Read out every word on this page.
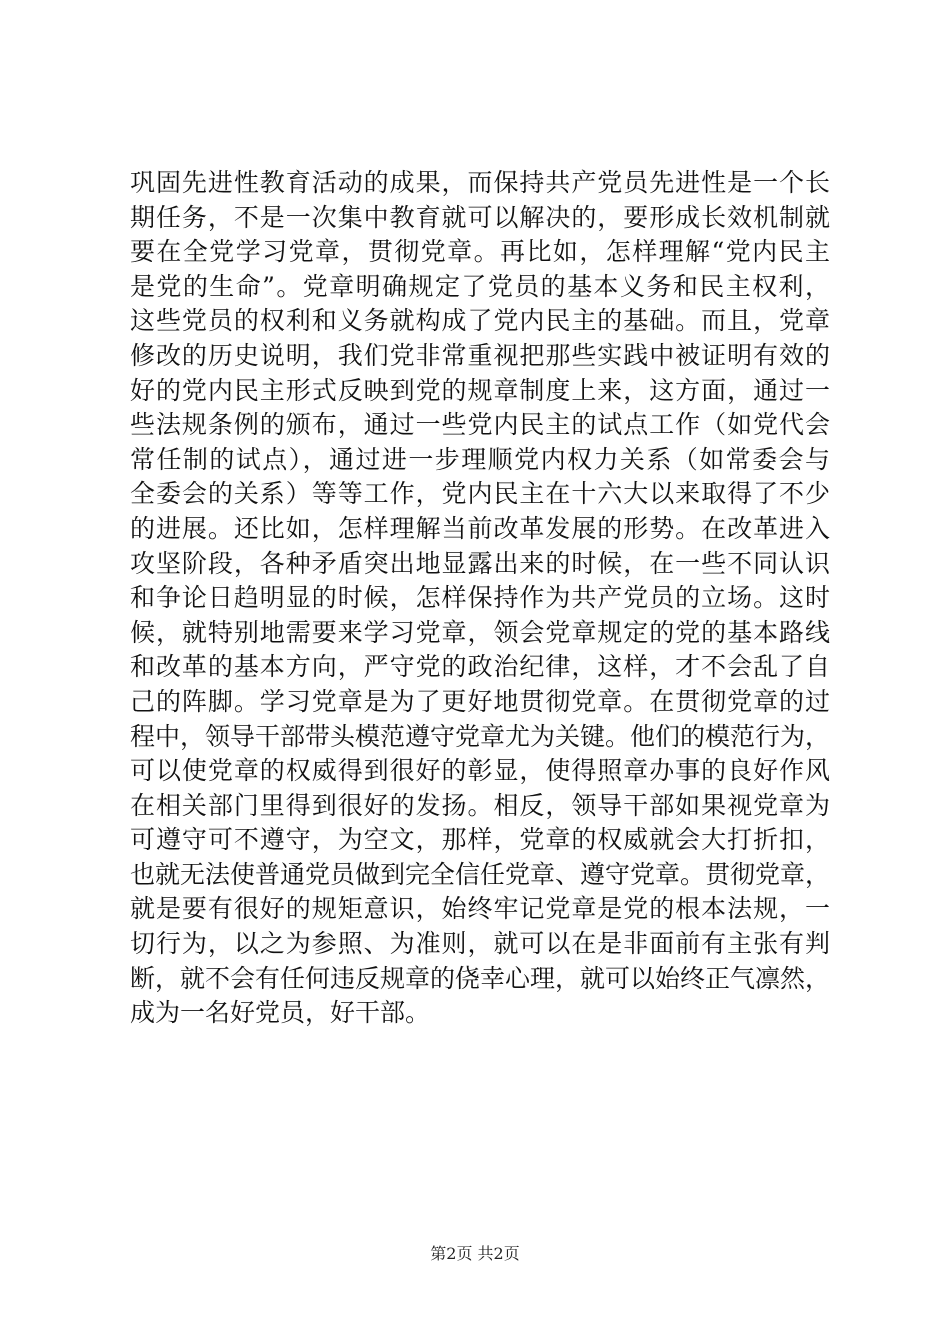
巩固先进性教育活动的成果，而保持共产党员先进性是一个长
期任务，不是一次集中教育就可以解决的，要形成长效机制就
要在全党学习党章，贯彻党章。再比如，怎样理解“党内民主
是党的生命”。党章明确规定了党员的基本义务和民主权利，
这些党员的权利和义务就构成了党内民主的基础。而且，党章
修改的历史说明，我们党非常重视把那些实践中被证明有效的
好的党内民主形式反映到党的规章制度上来，这方面，通过一
些法规条例的颁布，通过一些党内民主的试点工作（如党代会
常任制的试点），通过进一步理顺党内权力关系（如常委会与
全委会的关系）等等工作，党内民主在十六大以来取得了不少
的进展。还比如，怎样理解当前改革发展的形势。在改革进入
攻坚阶段，各种矛盾突出地显露出来的时候，在一些不同认识
和争论日趋明显的时候，怎样保持作为共产党员的立场。这时
候，就特别地需要来学习党章，领会党章规定的党的基本路线
和改革的基本方向，严守党的政治纪律，这样，才不会乱了自
己的阵脚。学习党章是为了更好地贯彻党章。在贯彻党章的过
程中，领导干部带头模范遵守党章尤为关键。他们的模范行为，
可以使党章的权威得到很好的彰显，使得照章办事的良好作风
在相关部门里得到很好的发扬。相反，领导干部如果视党章为
可遵守可不遵守，为空文，那样，党章的权威就会大打折扣，
也就无法使普通党员做到完全信任党章、遵守党章。贯彻党章，
就是要有很好的规矩意识，始终牢记党章是党的根本法规，一
切行为，以之为参照、为准则，就可以在是非面前有主张有判
断，就不会有任何违反规章的侥幸心理，就可以始终正气凛然，
成为一名好党员，好干部。
第2页 共2页
